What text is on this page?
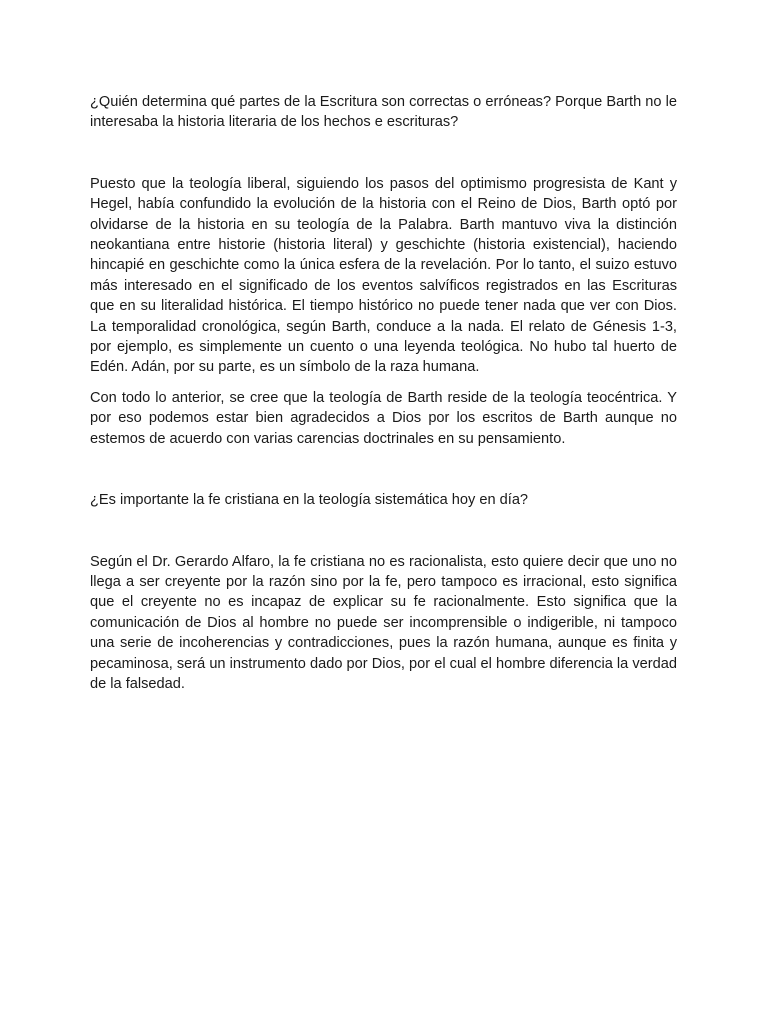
¿Quién determina qué partes de la Escritura son correctas o erróneas? Porque Barth no le interesaba la historia literaria de los hechos e escrituras?

Puesto que la teología liberal, siguiendo los pasos del optimismo progresista de Kant y Hegel, había confundido la evolución de la historia con el Reino de Dios, Barth optó por olvidarse de la historia en su teología de la Palabra. Barth mantuvo viva la distinción neokantiana entre historie (historia literal) y geschichte (historia existencial), haciendo hincapié en geschichte como la única esfera de la revelación. Por lo tanto, el suizo estuvo más interesado en el significado de los eventos salvíficos registrados en las Escrituras que en su literalidad histórica. El tiempo histórico no puede tener nada que ver con Dios. La temporalidad cronológica, según Barth, conduce a la nada. El relato de Génesis 1-3, por ejemplo, es simplemente un cuento o una leyenda teológica. No hubo tal huerto de Edén. Adán, por su parte, es un símbolo de la raza humana.

Con todo lo anterior, se cree que la teología de Barth reside de la teología teocéntrica. Y por eso podemos estar bien agradecidos a Dios por los escritos de Barth aunque no estemos de acuerdo con varias carencias doctrinales en su pensamiento.

¿Es importante la fe cristiana en la teología sistemática hoy en día?

Según el Dr. Gerardo Alfaro, la fe cristiana no es racionalista, esto quiere decir que uno no llega a ser creyente por la razón sino por la fe, pero tampoco es irracional, esto significa que el creyente no es incapaz de explicar su fe racionalmente. Esto significa que la comunicación de Dios al hombre no puede ser incomprensible o indigerible, ni tampoco una serie de incoherencias y contradicciones, pues la razón humana, aunque es finita y pecaminosa, será un instrumento dado por Dios, por el cual el hombre diferencia la verdad de la falsedad.
